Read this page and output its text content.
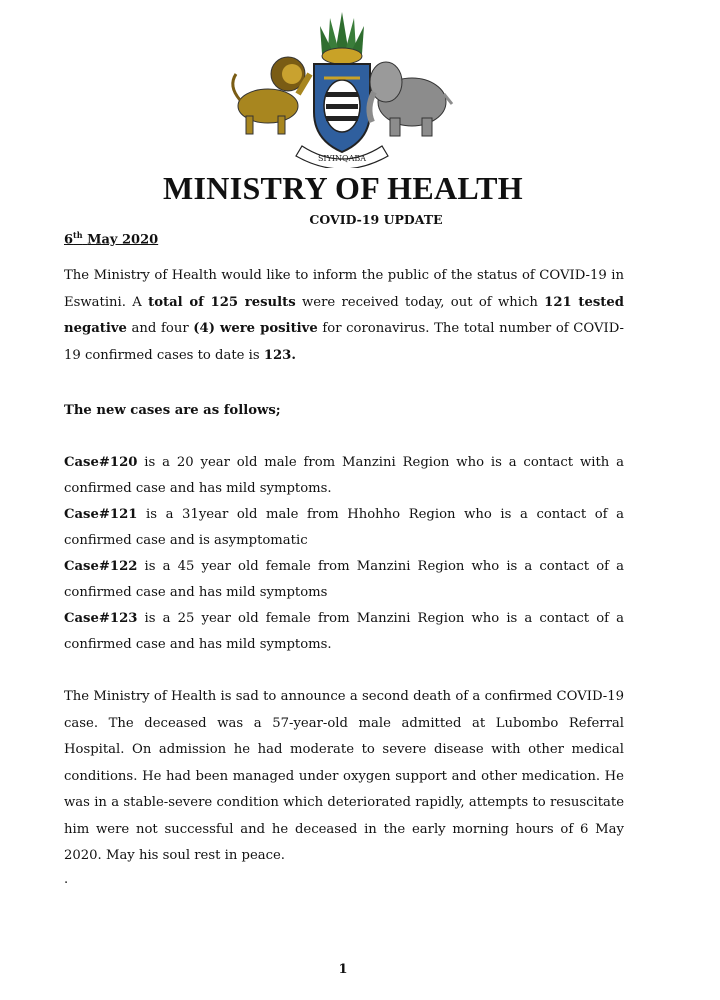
SIYINQABA
MINISTRY OF HEALTH
COVID-19 UPDATE
6th May 2020
The Ministry of Health would like to inform the public of the status of COVID-19 in Eswatini. A total of 125 results were received today, out of which 121 tested negative and four (4) were positive for coronavirus. The total number of COVID-19 confirmed cases to date is 123.
The new cases are as follows;
Case#120 is a 20 year old male from Manzini Region who is a contact with a confirmed case and has mild symptoms.
Case#121 is a 31year old male from Hhohho Region who is a contact of a confirmed case and is asymptomatic
Case#122 is a 45 year old female from Manzini Region who is a contact of a confirmed case and has mild symptoms
Case#123 is a 25 year old female from Manzini Region who is a contact of a confirmed case and has mild symptoms.
The Ministry of Health is sad to announce a second death of a confirmed COVID-19 case. The deceased was a 57-year-old male admitted at Lubombo Referral Hospital. On admission he had moderate to severe disease with other medical conditions. He had been managed under oxygen support and other medication. He was in a stable-severe condition which deteriorated rapidly, attempts to resuscitate him were not successful and he deceased in the early morning hours of 6 May 2020. May his soul rest in peace.
.
1
